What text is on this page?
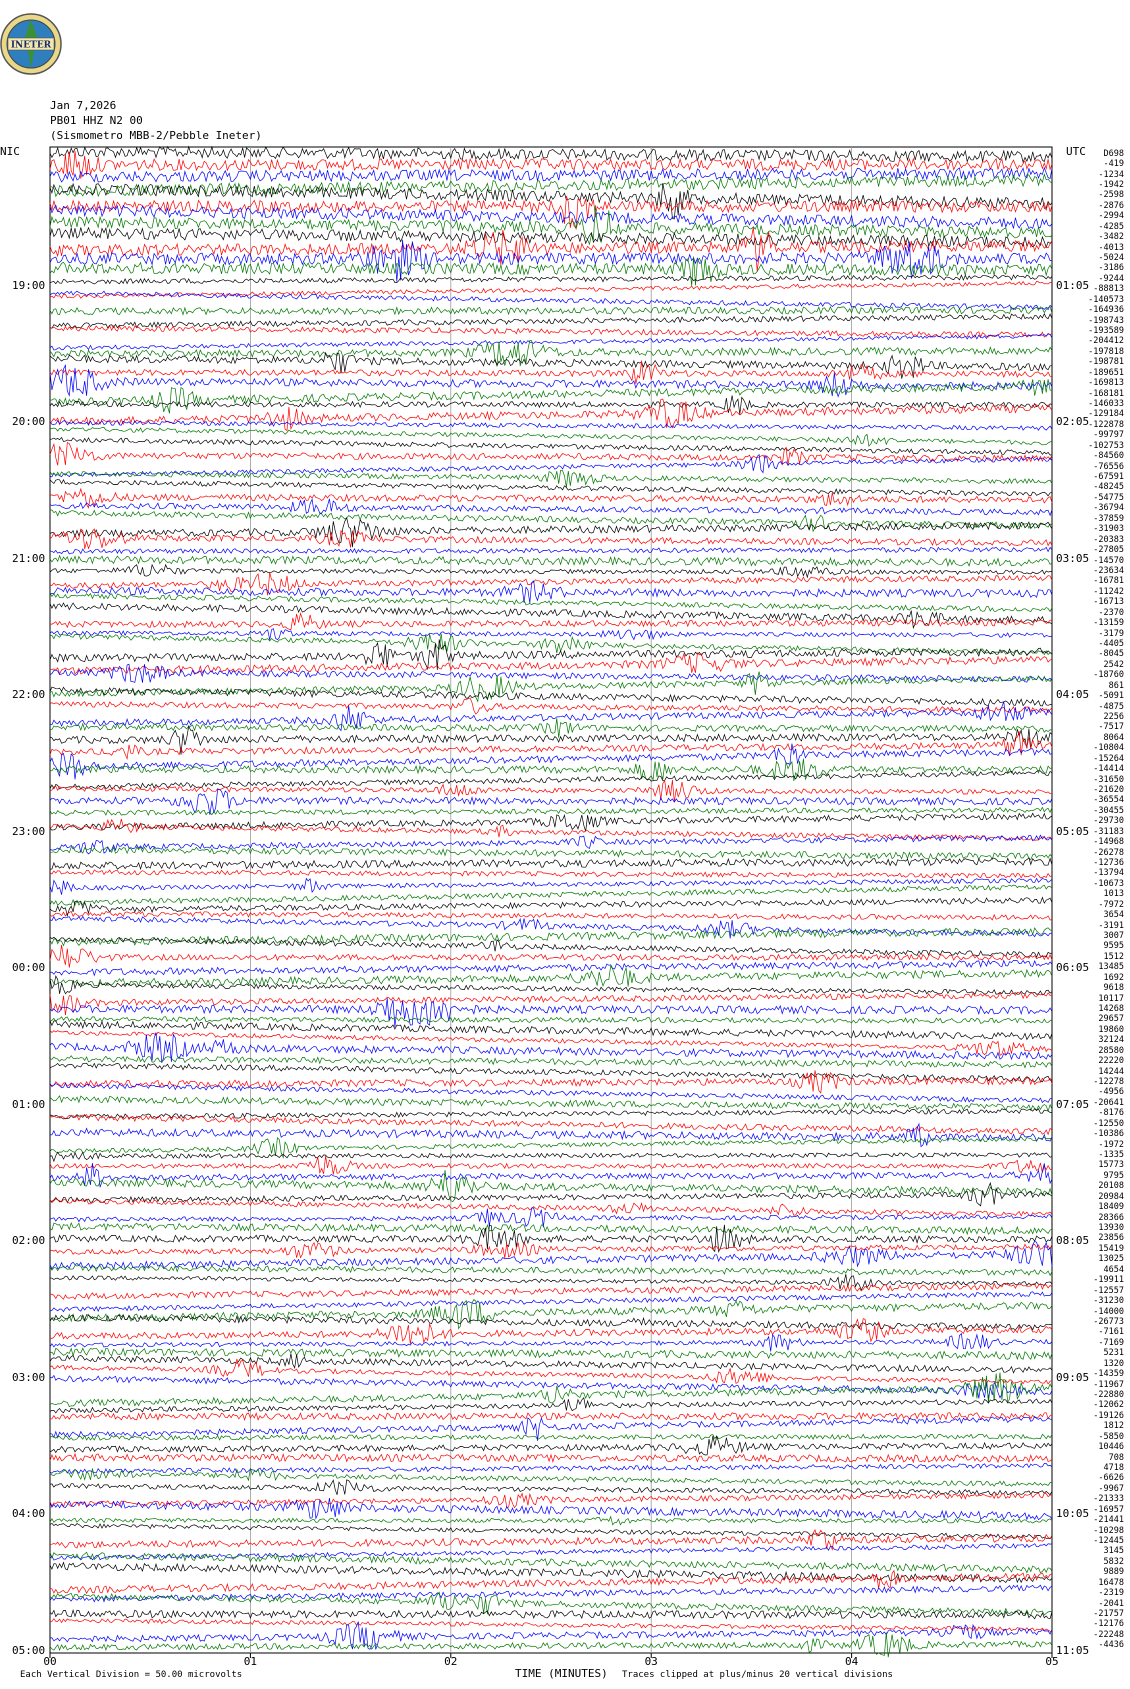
INETER
Jan 7,2026
PB01 HHZ N2 00
(Sismometro MBB-2/Pebble Ineter)
NIC	UTC D698
-419
-1234
-1942
-2598
-2876
-2994
-4285
-3482
-4013
-5024
-3186
-9244
-88813
-140573
-164936
-198743
-193589
-204412
-197818
-198781
-189651
-169813
-168181
-146033
-129184
-122878
-99797
-102753
-84560
-76556
-67591
-48245
-54775
-36794
-37859
-31903
-20383
-27805
-14570
-23634
-16781
-11242
-16713
-2370
-13159
-3179
-4405
-8045
2542
-18760
861
-5091
-4875
2256
-7517
8064
-10804
-15264
-14414
-31650
-21620
-36554
-30455
-29730
-31183
-14968
-26278
-12736
-13794
-10673
1013
-7972
3654
-3191
3007
9595
1512
13485
1692
9618
10117
14268
29657
19860
32124
28580
22220
14244
-12278
-4956
-20641
-8176
-12550
-10386
-1972
-1335
15773
9795
20108
20984
18409
28366
13930
23856
15419
13025
4654
-19911
-12557
-31230
-14000
-26773
-7161
-7169
5231
1320
-14359
-11967
-22880
-12062
-19126
1812
-5850
10446
708
4718
-6626
-9967
-21333
-16957
-21441
-10298
-12445
3145
5832
9889
16478
-2319
-2041
-21757
-12176
-22248
-4436
19:00
20:00
21:00
22:00
23:00
00:00
01:00
02:00
03:00
04:00
05:00
01:05
02:05
03:05
04:05
05:05
06:05
07:05
08:05
09:05
10:05
11:05
00	01	02	03	04	05
Each Vertical Division = 50.00 microvolts	TIME (MINUTES) Traces clipped at plus/minus 20 vertical divisions
